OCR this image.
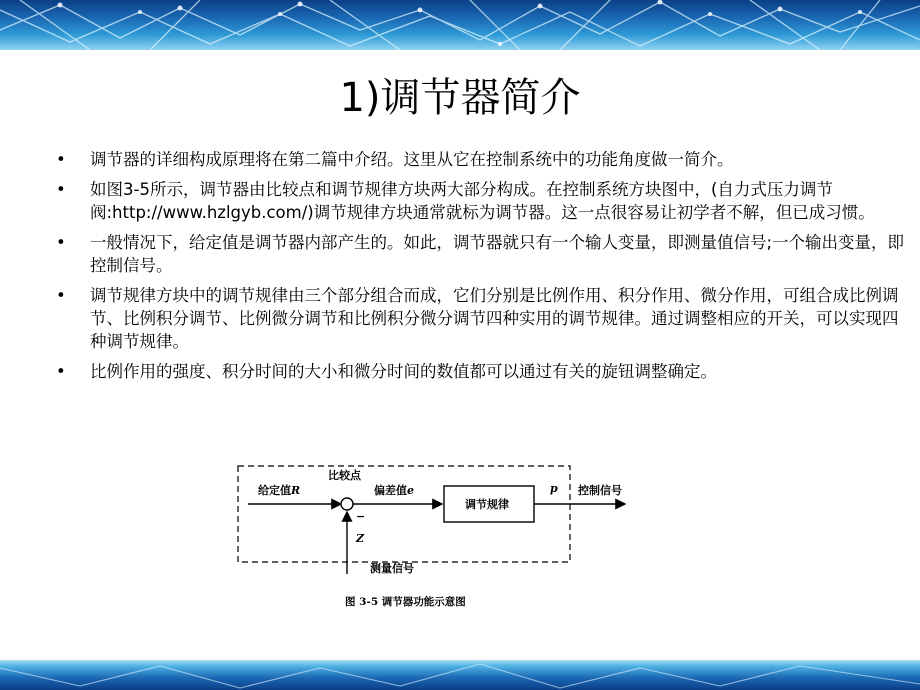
1)调节器简介
• 调节器的详细构成原理将在第二篇中介绍。这里从它在控制系统中的功能角度做一简介。
• 如图3-5所示，调节器由比较点和调节规律方块两大部分构成。在控制系统方块图中，(自力式压力调节阀:http://www.hzlgyb.com/)调节规律方块通常就标为调节器。这一点很容易让初学者不解，但已成习惯。
• 一般情况下，给定值是调节器内部产生的。如此，调节器就只有一个输人变量，即测量值信号;一个输出变量，即控制信号。
• 调节规律方块中的调节规律由三个部分组合而成，它们分别是比例作用、积分作用、微分作用，可组合成比例调节、比例积分调节、比例微分调节和比例积分微分调节四种实用的调节规律。通过调整相应的开关，可以实现四种调节规律。
• 比例作用的强度、积分时间的大小和微分时间的数值都可以通过有关的旋钮调整确定。
比较点
给定值R	偏差值e
调节规律
p 控制信号
−
Z
测量信号
图 3-5 调节器功能示意图
